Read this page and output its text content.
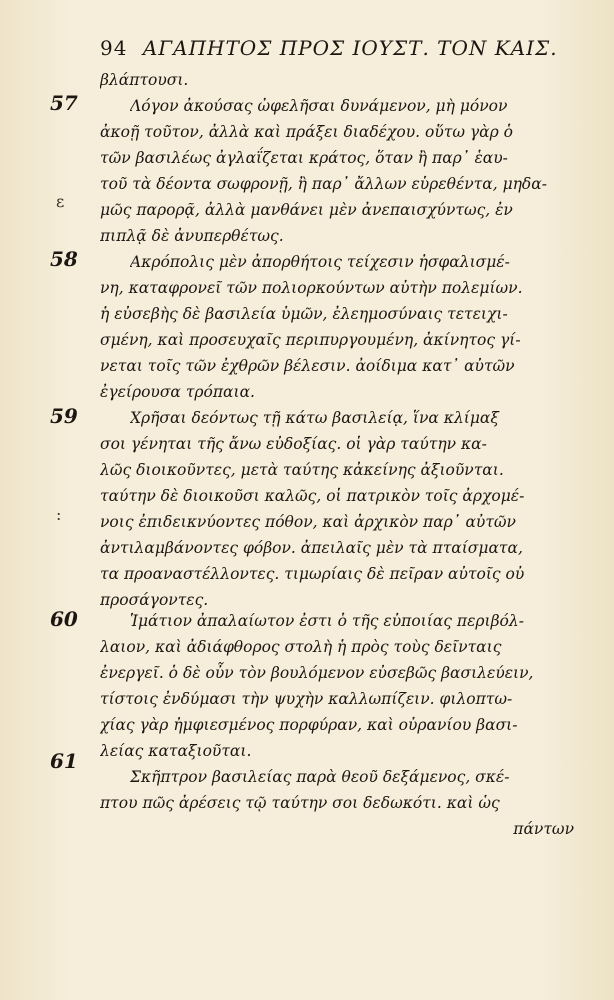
94 ΑΓΑΠΗΤΟΣ ΠΡΟΣ ΙΟΥΣΤ. ΤΟΝ ΚΑΙΣ.
57
58
59
60
61
ε
:
βλάπτουσι.
Λόγον ἀκούσας ὠφελῆσαι δυνάμενον, μὴ μόνον
ἀκοῇ τοῦτον, ἀλλὰ καὶ πράξει διαδέχου. οὕτω γὰρ ὁ
τῶν βασιλέως ἀγλαΐζεται κράτος, ὅταν ἢ παρ᾽ ἑαυ-
τοῦ τὰ δέοντα σωφρονῇ, ἢ παρ᾽ ἄλλων εὑρεθέντα, μηδα-
μῶς παρορᾷ, ἀλλὰ μανθάνει μὲν ἀνεπαισχύντως, ἐν
πιπλᾷ δὲ ἀνυπερθέτως.
Ακρόπολις μὲν ἀπορθήτοις τείχεσιν ἠσφαλισμέ-
νη, καταφρονεῖ τῶν πολιορκούντων αὐτὴν πολεμίων.
ἡ εὐσεβὴς δὲ βασιλεία ὑμῶν, ἐλεημοσύναις τετειχι-
σμένη, καὶ προσευχαῖς περιπυργουμένη, ἀκίνητος γί-
νεται τοῖς τῶν ἐχθρῶν βέλεσιν. ἀοίδιμα κατ᾽ αὐτῶν
ἐγείρουσα τρόπαια.
Χρῆσαι δεόντως τῇ κάτω βασιλείᾳ, ἵνα κλίμαξ
σοι γένηται τῆς ἄνω εὐδοξίας. οἱ γὰρ ταύτην κα-
λῶς διοικοῦντες, μετὰ ταύτης κἀκείνης ἀξιοῦνται.
ταύτην δὲ διοικοῦσι καλῶς, οἱ πατρικὸν τοῖς ἀρχομέ-
νοις ἐπιδεικνύοντες πόθον, καὶ ἀρχικὸν παρ᾽ αὐτῶν
ἀντιλαμβάνοντες φόβον. ἀπειλαῖς μὲν τὰ πταίσματα,
τα προαναστέλλοντες. τιμωρίαις δὲ πεῖραν αὐτοῖς οὐ
προσάγοντες.
Ἱμάτιον ἀπαλαίωτον ἐστι ὁ τῆς εὐποιίας περιβόλ-
λαιον, καὶ ἀδιάφθορος στολὴ ἡ πρὸς τοὺς δεῖνταις
ἐνεργεῖ. ὁ δὲ οὖν τὸν βουλόμενον εὐσεβῶς βασιλεύειν,
τίστοις ἐνδύμασι τὴν ψυχὴν καλλωπίζειν. φιλοπτω-
χίας γὰρ ἠμφιεσμένος πορφύραν, καὶ οὐρανίου βασι-
λείας καταξιοῦται.
Σκῆπτρον βασιλείας παρὰ θεοῦ δεξάμενος, σκέ-
πτου πῶς ἀρέσεις τῷ ταύτην σοι δεδωκότι. καὶ ὡς
πάντων
